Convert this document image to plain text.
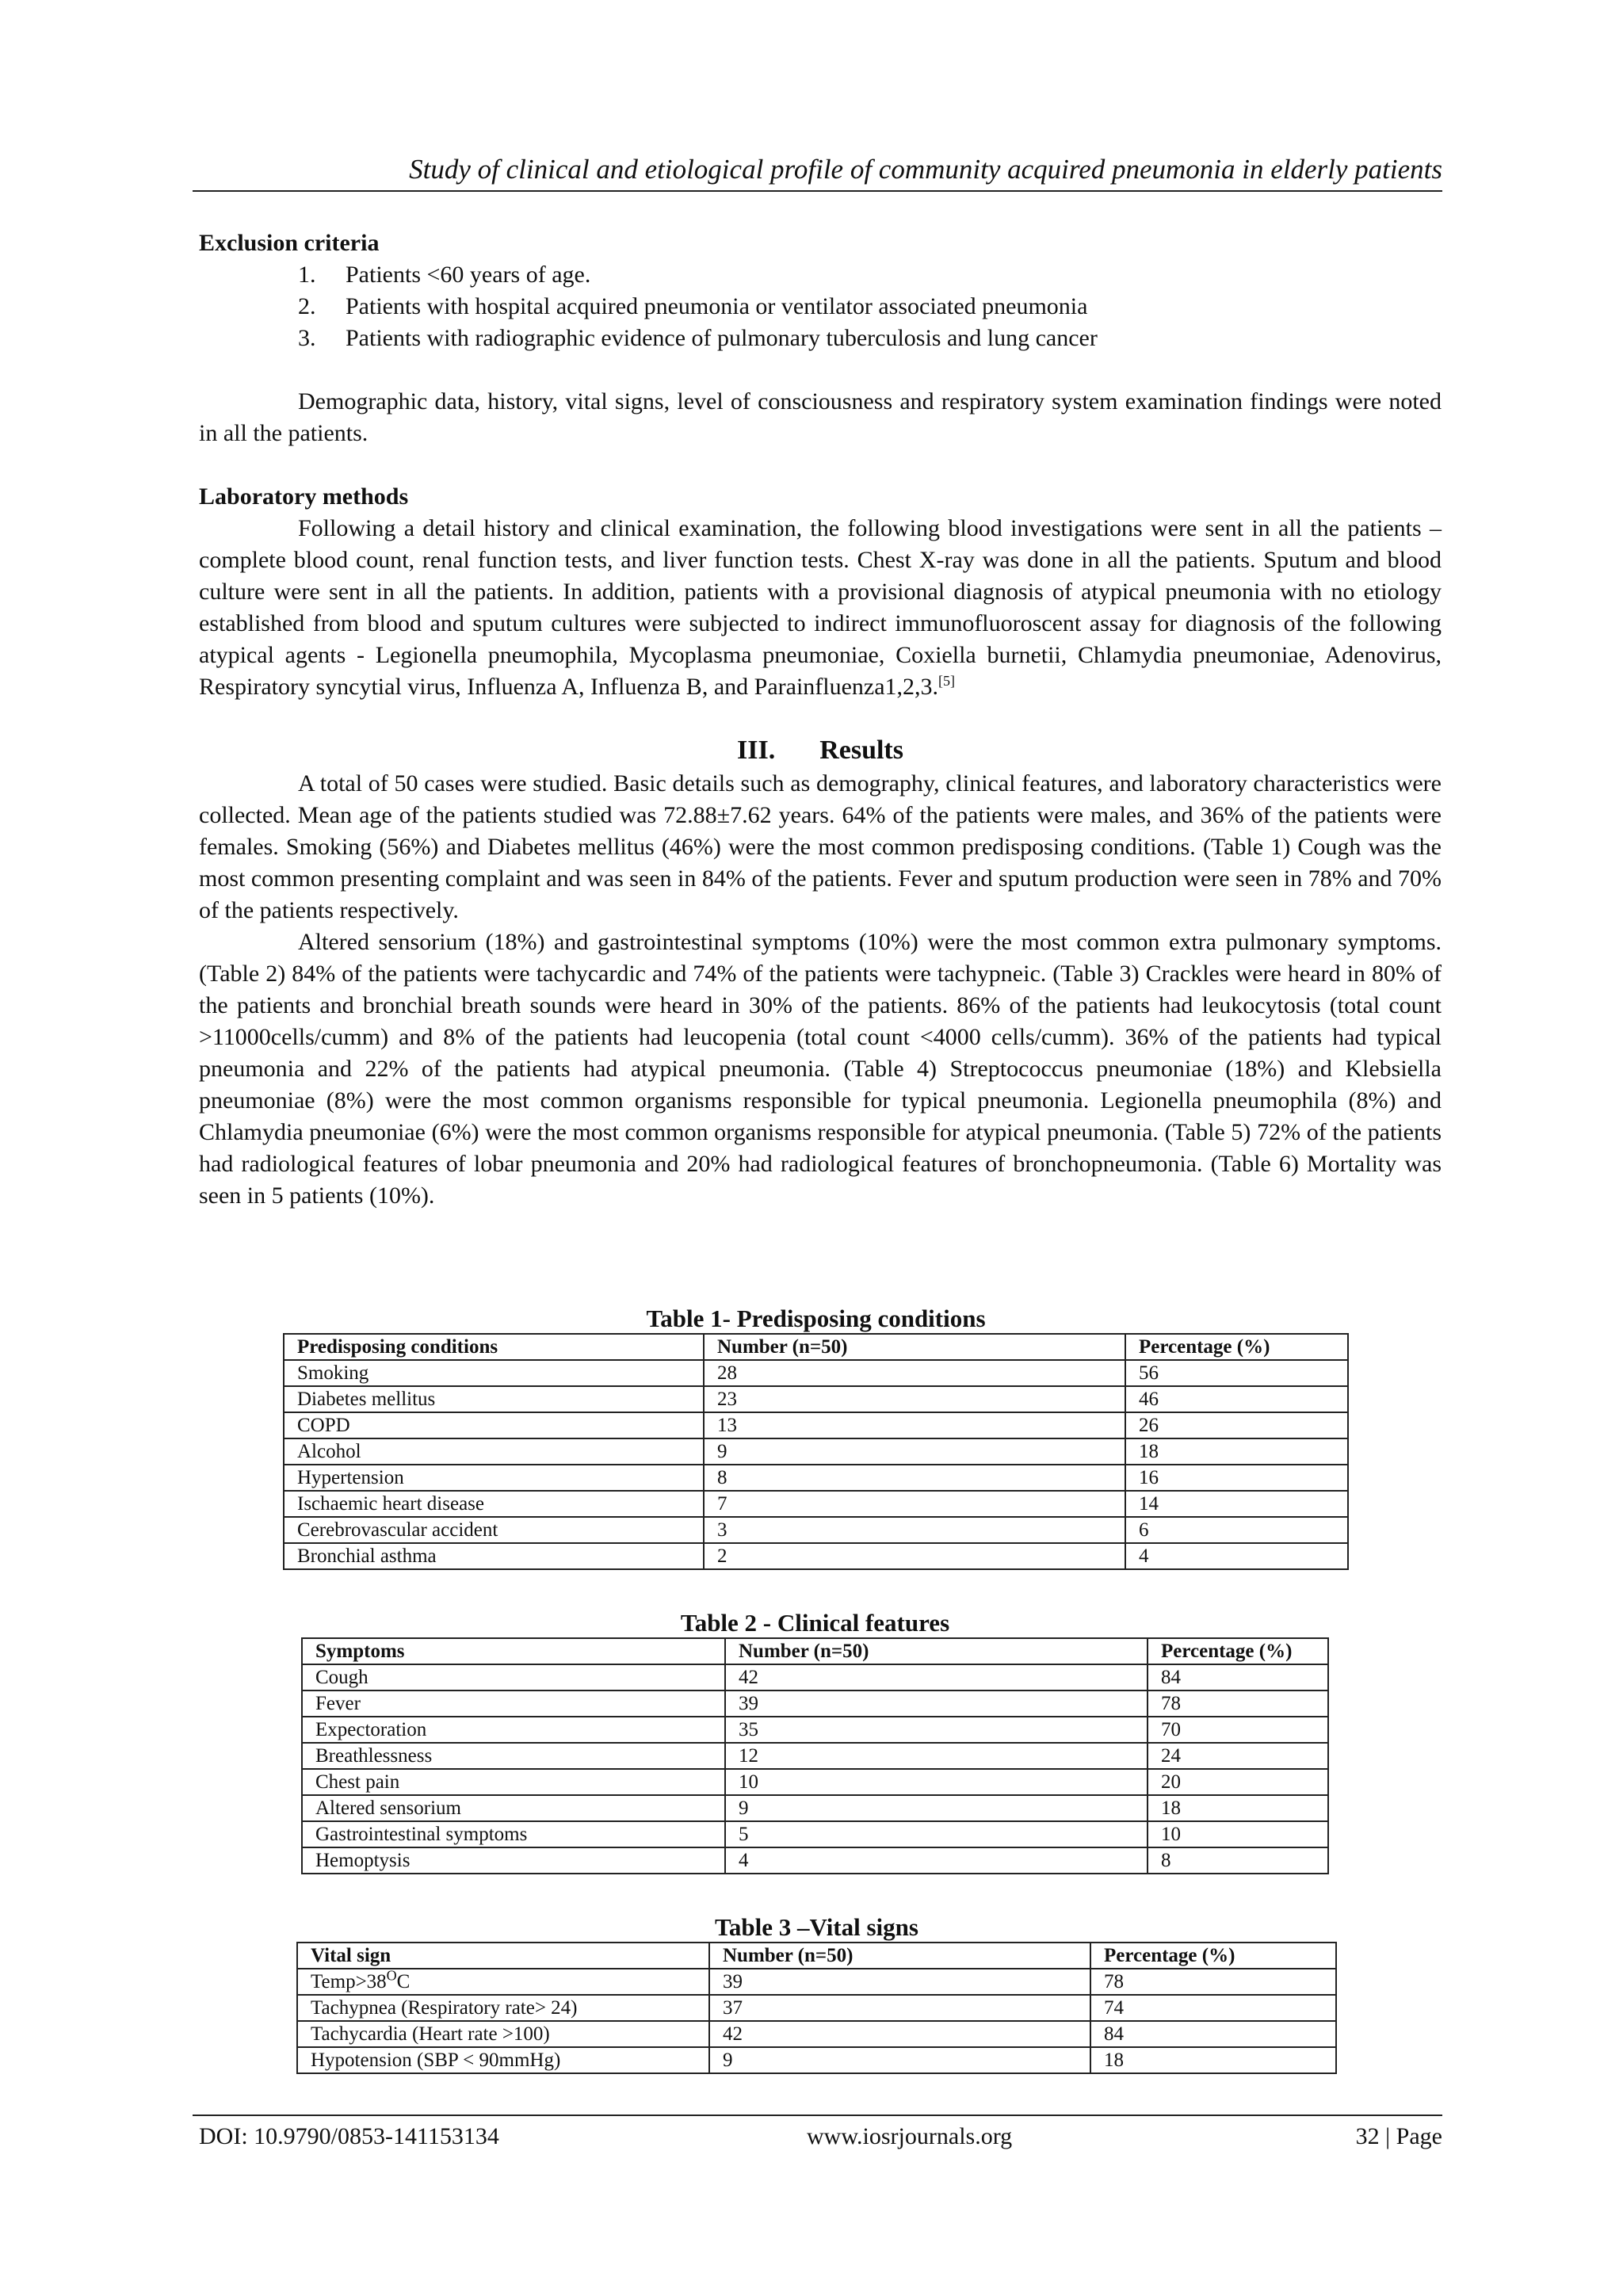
Study of clinical and etiological profile of community acquired pneumonia in elderly patients

Exclusion criteria

1. Patients <60 years of age.
2. Patients with hospital acquired pneumonia or ventilator associated pneumonia
3. Patients with radiographic evidence of pulmonary tuberculosis and lung cancer

Demographic data, history, vital signs, level of consciousness and respiratory system examination findings were noted in all the patients.

Laboratory methods

Following a detail history and clinical examination, the following blood investigations were sent in all the patients – complete blood count, renal function tests, and liver function tests. Chest X-ray was done in all the patients. Sputum and blood culture were sent in all the patients. In addition, patients with a provisional diagnosis of atypical pneumonia with no etiology established from blood and sputum cultures were subjected to indirect immunofluoroscent assay for diagnosis of the following atypical agents - Legionella pneumophila, Mycoplasma pneumoniae, Coxiella burnetii, Chlamydia pneumoniae, Adenovirus, Respiratory syncytial virus, Influenza A, Influenza B, and Parainfluenza1,2,3.[5]

III. Results

A total of 50 cases were studied. Basic details such as demography, clinical features, and laboratory characteristics were collected. Mean age of the patients studied was 72.88±7.62 years. 64% of the patients were males, and 36% of the patients were females. Smoking (56%) and Diabetes mellitus (46%) were the most common predisposing conditions. (Table 1) Cough was the most common presenting complaint and was seen in 84% of the patients. Fever and sputum production were seen in 78% and 70% of the patients respectively.

Altered sensorium (18%) and gastrointestinal symptoms (10%) were the most common extra pulmonary symptoms. (Table 2) 84% of the patients were tachycardic and 74% of the patients were tachypneic. (Table 3) Crackles were heard in 80% of the patients and bronchial breath sounds were heard in 30% of the patients. 86% of the patients had leukocytosis (total count >11000cells/cumm) and 8% of the patients had leucopenia (total count <4000 cells/cumm). 36% of the patients had typical pneumonia and 22% of the patients had atypical pneumonia. (Table 4) Streptococcus pneumoniae (18%) and Klebsiella pneumoniae (8%) were the most common organisms responsible for typical pneumonia. Legionella pneumophila (8%) and Chlamydia pneumoniae (6%) were the most common organisms responsible for atypical pneumonia. (Table 5) 72% of the patients had radiological features of lobar pneumonia and 20% had radiological features of bronchopneumonia. (Table 6) Mortality was seen in 5 patients (10%).

Table 1- Predisposing conditions
Predisposing conditions	Number (n=50)	Percentage (%)
Smoking	28	56
Diabetes mellitus	23	46
COPD	13	26
Alcohol	9	18
Hypertension	8	16
Ischaemic heart disease	7	14
Cerebrovascular accident	3	6
Bronchial asthma	2	4
Table 2 - Clinical features
Symptoms	Number (n=50)	Percentage (%)
Cough	42	84
Fever	39	78
Expectoration	35	70
Breathlessness	12	24
Chest pain	10	20
Altered sensorium	9	18
Gastrointestinal symptoms	5	10
Hemoptysis	4	8
Table 3 –Vital signs
Vital sign	Number (n=50)	Percentage (%)
$Temp>38^OC$	39	78
Tachypnea (Respiratory rate> 24)	37	74
Tachycardia (Heart rate >100)	42	84
Hypotension (SBP < 90mmHg)	9	18
DOI: 10.9790/0853-141153134	www.iosrjournals.org	32 | Page
